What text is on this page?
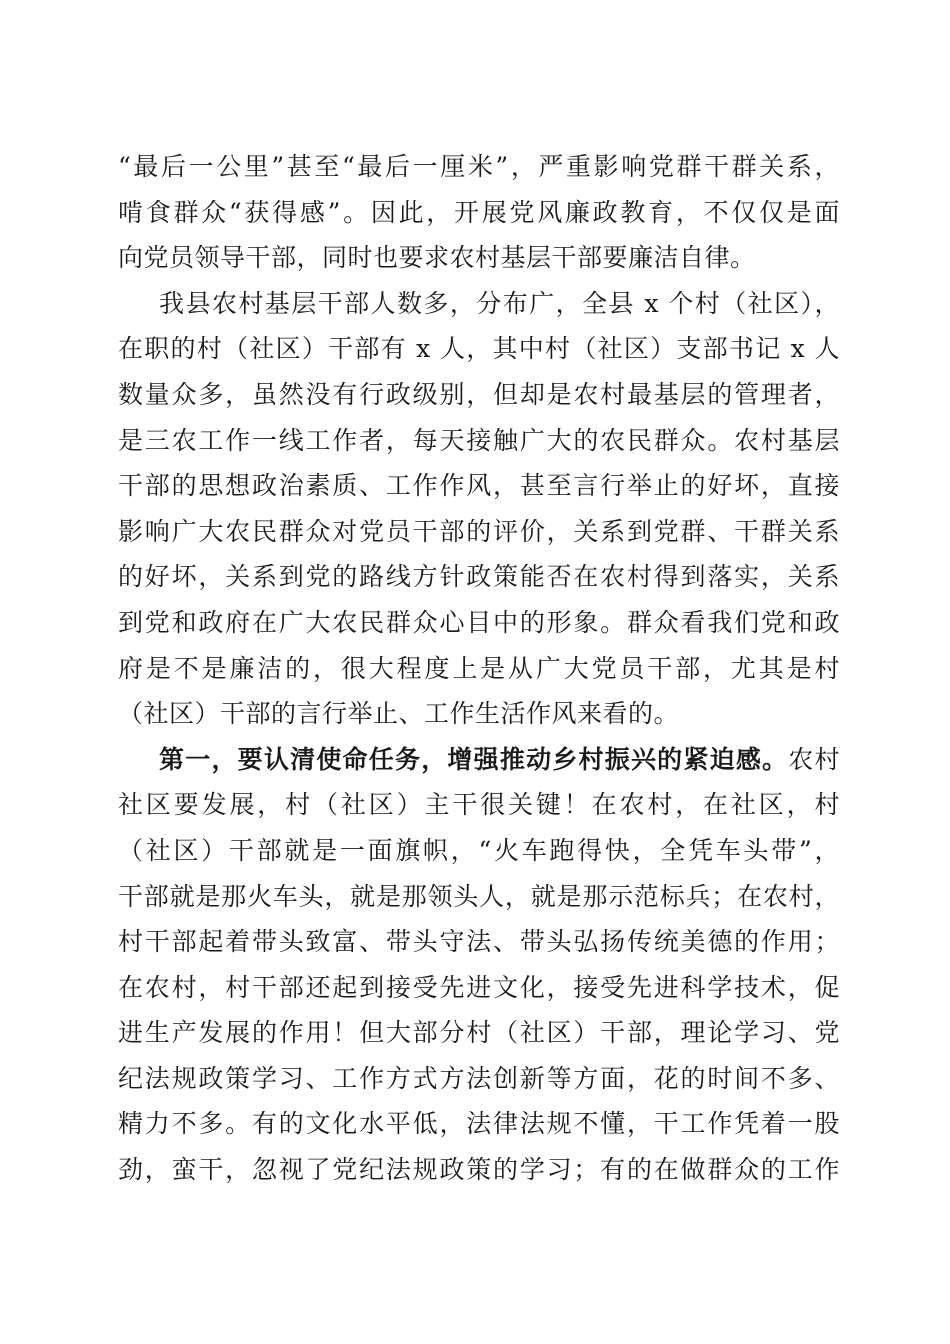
“最后一公里”甚至“最后一厘米”，严重影响党群干群关系，
啃食群众“获得感”。因此，开展党风廉政教育，不仅仅是面
向党员领导干部，同时也要求农村基层干部要廉洁自律。
我县农村基层干部人数多，分布广，全县 x 个村（社区），
在职的村（社区）干部有 x 人，其中村（社区）支部书记 x 人
数量众多，虽然没有行政级别，但却是农村最基层的管理者，
是三农工作一线工作者，每天接触广大的农民群众。农村基层
干部的思想政治素质、工作作风，甚至言行举止的好坏，直接
影响广大农民群众对党员干部的评价，关系到党群、干群关系
的好坏，关系到党的路线方针政策能否在农村得到落实，关系
到党和政府在广大农民群众心目中的形象。群众看我们党和政
府是不是廉洁的，很大程度上是从广大党员干部，尤其是村
（社区）干部的言行举止、工作生活作风来看的。
第一，要认清使命任务，增强推动乡村振兴的紧迫感。农村
社区要发展，村（社区）主干很关键！在农村，在社区，村
（社区）干部就是一面旗帜，“火车跑得快，全凭车头带”，
干部就是那火车头，就是那领头人，就是那示范标兵；在农村，
村干部起着带头致富、带头守法、带头弘扬传统美德的作用；
在农村，村干部还起到接受先进文化，接受先进科学技术，促
进生产发展的作用！但大部分村（社区）干部，理论学习、党
纪法规政策学习、工作方式方法创新等方面，花的时间不多、
精力不多。有的文化水平低，法律法规不懂，干工作凭着一股
劲，蛮干，忽视了党纪法规政策的学习；有的在做群众的工作
